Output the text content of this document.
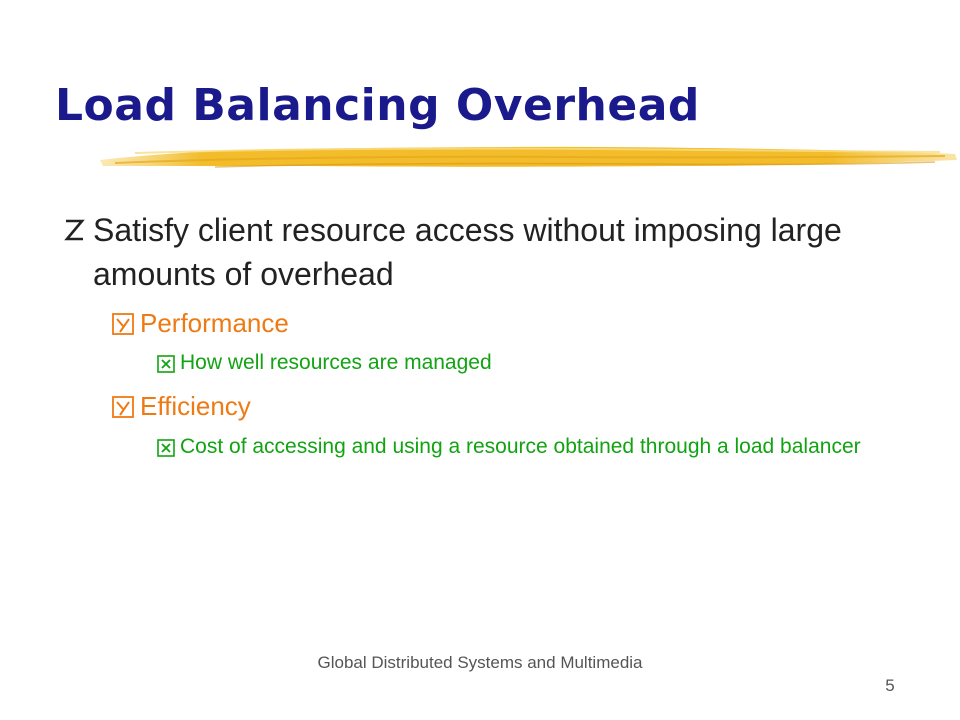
Load Balancing Overhead
Satisfy client resource access without imposing large amounts of overhead
Performance
How well resources are managed
Efficiency
Cost of accessing and using a resource obtained through a load balancer

Global Distributed Systems and Multimedia

5
